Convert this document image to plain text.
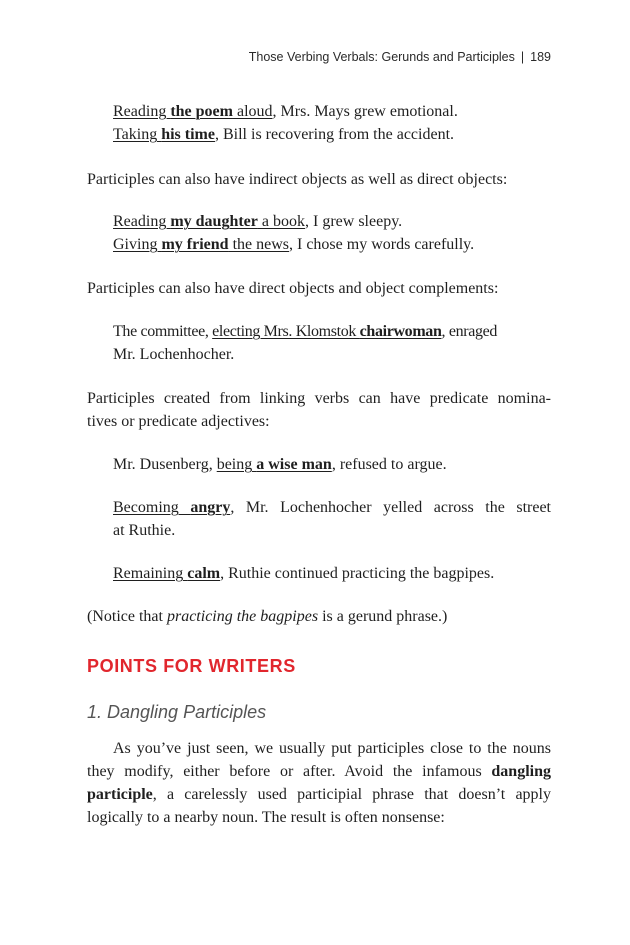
Those Verbing Verbals: Gerunds and Participles | 189
Reading the poem aloud, Mrs. Mays grew emotional.
Taking his time, Bill is recovering from the accident.
Participles can also have indirect objects as well as direct objects:
Reading my daughter a book, I grew sleepy.
Giving my friend the news, I chose my words carefully.
Participles can also have direct objects and object complements:
The committee, electing Mrs. Klomstok chairwoman, enraged
Mr. Lochenhocher.
Participles created from linking verbs can have predicate nomina-
tives or predicate adjectives:
Mr. Dusenberg, being a wise man, refused to argue.
Becoming angry, Mr. Lochenhocher yelled across the street
at Ruthie.
Remaining calm, Ruthie continued practicing the bagpipes.
(Notice that practicing the bagpipes is a gerund phrase.)
POINTS FOR WRITERS
1. Dangling Participles
As you’ve just seen, we usually put participles close to the nouns
they modify, either before or after. Avoid the infamous dangling
participle, a carelessly used participial phrase that doesn’t apply
logically to a nearby noun. The result is often nonsense:
